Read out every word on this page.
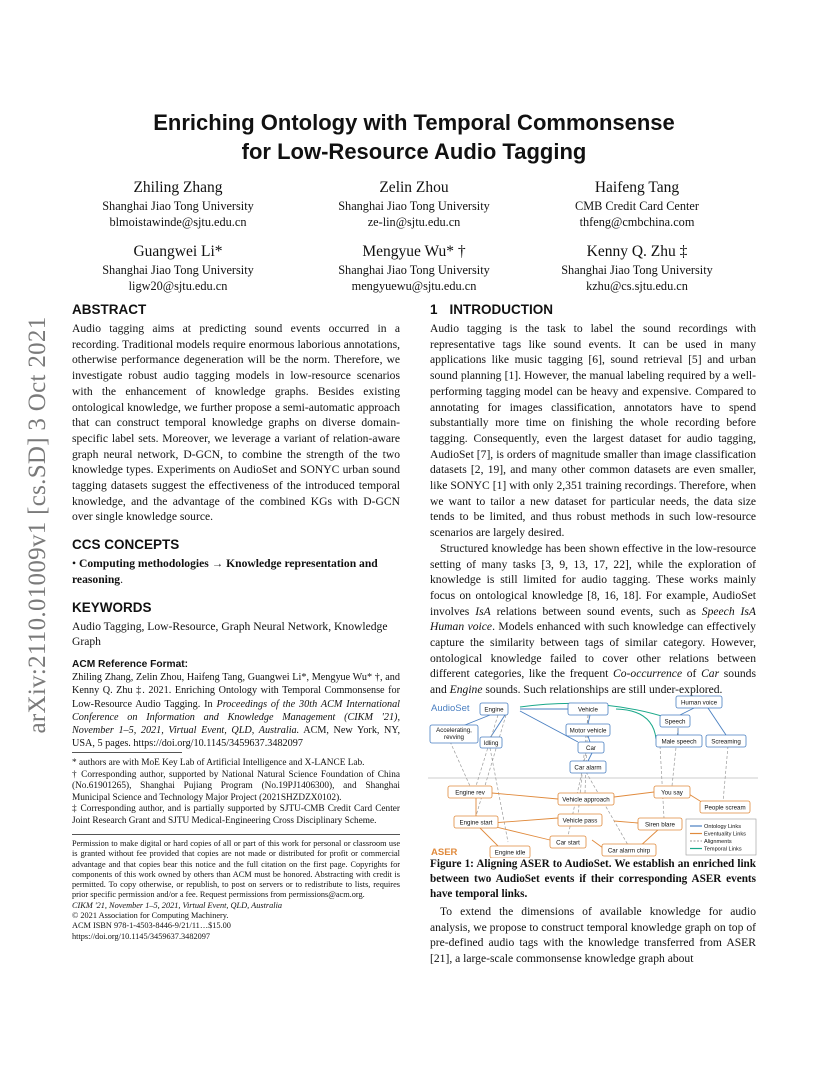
arXiv:2110.01009v1 [cs.SD] 3 Oct 2021
Enriching Ontology with Temporal Commonsense
for Low-Resource Audio Tagging
Zhiling Zhang
Shanghai Jiao Tong University
blmoistawinde@sjtu.edu.cn
Zelin Zhou
Shanghai Jiao Tong University
ze-lin@sjtu.edu.cn
Haifeng Tang
CMB Credit Card Center
thfeng@cmbchina.com
Guangwei Li*
Shanghai Jiao Tong University
ligw20@sjtu.edu.cn
Mengyue Wu* †
Shanghai Jiao Tong University
mengyuewu@sjtu.edu.cn
Kenny Q. Zhu ‡
Shanghai Jiao Tong University
kzhu@cs.sjtu.edu.cn
ABSTRACT
Audio tagging aims at predicting sound events occurred in a recording. Traditional models require enormous laborious annotations, otherwise performance degeneration will be the norm. Therefore, we investigate robust audio tagging models in low-resource scenarios with the enhancement of knowledge graphs. Besides existing ontological knowledge, we further propose a semi-automatic approach that can construct temporal knowledge graphs on diverse domain-specific label sets. Moreover, we leverage a variant of relation-aware graph neural network, D-GCN, to combine the strength of the two knowledge types. Experiments on AudioSet and SONYC urban sound tagging datasets suggest the effectiveness of the introduced temporal knowledge, and the advantage of the combined KGs with D-GCN over single knowledge source.
CCS CONCEPTS
• Computing methodologies → Knowledge representation and reasoning.
KEYWORDS
Audio Tagging, Low-Resource, Graph Neural Network, Knowledge Graph
ACM Reference Format:
Zhiling Zhang, Zelin Zhou, Haifeng Tang, Guangwei Li*, Mengyue Wu* †, and Kenny Q. Zhu ‡. 2021. Enriching Ontology with Temporal Commonsense for Low-Resource Audio Tagging. In Proceedings of the 30th ACM International Conference on Information and Knowledge Management (CIKM '21), November 1–5, 2021, Virtual Event, QLD, Australia. ACM, New York, NY, USA, 5 pages. https://doi.org/10.1145/3459637.3482097
* authors are with MoE Key Lab of Artificial Intelligence and X-LANCE Lab.
† Corresponding author, supported by National Natural Science Foundation of China (No.61901265), Shanghai Pujiang Program (No.19PJ1406300), and Shanghai Municipal Science and Technology Major Project (2021SHZDZX0102).
‡ Corresponding author, and is partially supported by SJTU-CMB Credit Card Center Joint Research Grant and SJTU Medical-Engineering Cross Disciplinary Scheme.
Permission to make digital or hard copies of all or part of this work for personal or classroom use is granted without fee provided that copies are not made or distributed for profit or commercial advantage and that copies bear this notice and the full citation on the first page. Copyrights for components of this work owned by others than ACM must be honored. Abstracting with credit is permitted. To copy otherwise, or republish, to post on servers or to redistribute to lists, requires prior specific permission and/or a fee. Request permissions from permissions@acm.org.
CIKM '21, November 1–5, 2021, Virtual Event, QLD, Australia
© 2021 Association for Computing Machinery.
ACM ISBN 978-1-4503-8446-9/21/11…$15.00
https://doi.org/10.1145/3459637.3482097
1 INTRODUCTION
Audio tagging is the task to label the sound recordings with representative tags like sound events. It can be used in many applications like music tagging [6], sound retrieval [5] and urban sound planning [1]. However, the manual labeling required by a well-performing tagging model can be heavy and expensive. Compared to annotating for images classification, annotators have to spend substantially more time on finishing the whole recording before tagging. Consequently, even the largest dataset for audio tagging, AudioSet [7], is orders of magnitude smaller than image classification datasets [2, 19], and many other common datasets are even smaller, like SONYC [1] with only 2,351 training recordings. Therefore, when we want to tailor a new dataset for particular needs, the data size tends to be limited, and thus robust methods in such low-resource scenarios are largely desired.
Structured knowledge has been shown effective in the low-resource setting of many tasks [3, 9, 13, 17, 22], while the exploration of knowledge is still limited for audio tagging. These works mainly focus on ontological knowledge [8, 16, 18]. For example, AudioSet involves IsA relations between sound events, such as Speech IsA Human voice. Models enhanced with such knowledge can effectively capture the similarity between tags of similar category. However, ontological knowledge failed to cover other relations between different categories, like the frequent Co-occurrence of Car sounds and Engine sounds. Such relationships are still under-explored.
AudioSet
ASER
Engine	Vehicle
Human voice
Accelerating, revving
Idling
Motor vehicle
Car
Speech
Male speech Screaming
Car alarm
Engine rev
Vehicle approach
You say
People scream
Engine start	Vehicle pass
Siren blare
Car start
Engine idle	Car alarm chirp
Ontology Links
Eventuality Links
Alignments
Temporal Links
Figure 1: Aligning ASER to AudioSet. We establish an enriched link between two AudioSet events if their corresponding ASER events have temporal links.
To extend the dimensions of available knowledge for audio analysis, we propose to construct temporal knowledge graph on top of pre-defined audio tags with the knowledge transferred from ASER [21], a large-scale commonsense knowledge graph about
